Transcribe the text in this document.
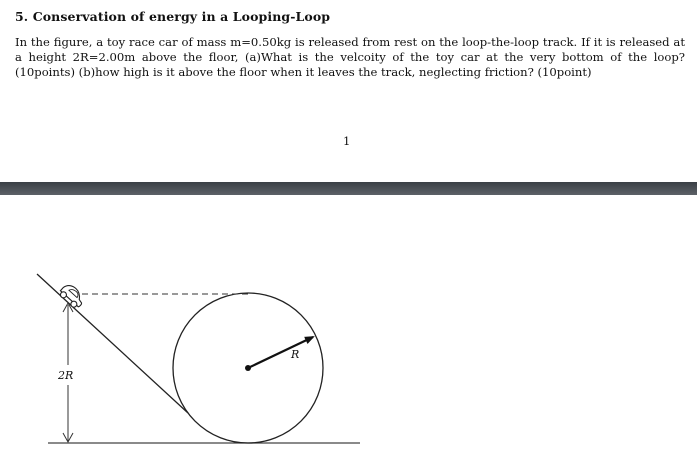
5. Conservation of energy in a Looping-Loop
In the figure, a toy race car of mass m=0.50kg is released from rest on the loop-the-loop track. If it is released at a height 2R=2.00m above the floor, (a)What is the velcoity of the toy car at the very bottom of the loop? (10points) (b)how high is it above the floor when it leaves the track, neglecting friction? (10point)
1
2R
R
